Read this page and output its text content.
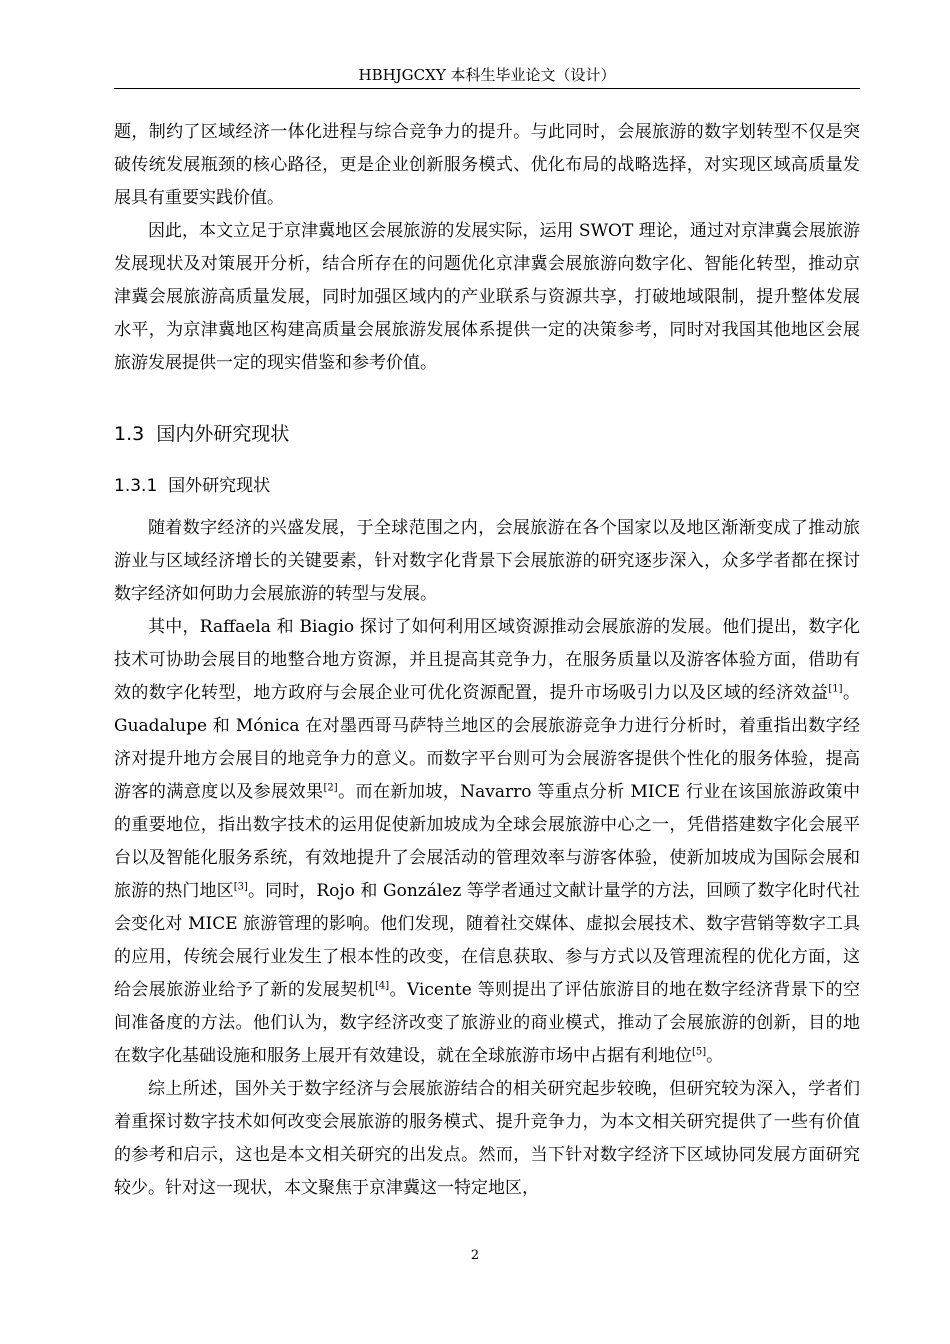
HBHJGCXY 本科生毕业论文（设计）

题，制约了区域经济一体化进程与综合竞争力的提升。与此同时，会展旅游的数字划转型不仅是突破传统发展瓶颈的核心路径，更是企业创新服务模式、优化布局的战略选择，对实现区域高质量发展具有重要实践价值。

因此，本文立足于京津冀地区会展旅游的发展实际，运用 SWOT 理论，通过对京津冀会展旅游发展现状及对策展开分析，结合所存在的问题优化京津冀会展旅游向数字化、智能化转型，推动京津冀会展旅游高质量发展，同时加强区域内的产业联系与资源共享，打破地域限制，提升整体发展水平，为京津冀地区构建高质量会展旅游发展体系提供一定的决策参考，同时对我国其他地区会展旅游发展提供一定的现实借鉴和参考价值。

1.3 国内外研究现状
1.3.1 国外研究现状

随着数字经济的兴盛发展，于全球范围之内，会展旅游在各个国家以及地区渐渐变成了推动旅游业与区域经济增长的关键要素，针对数字化背景下会展旅游的研究逐步深入，众多学者都在探讨数字经济如何助力会展旅游的转型与发展。

其中，Raffaela 和 Biagio 探讨了如何利用区域资源推动会展旅游的发展。他们提出，数字化技术可协助会展目的地整合地方资源，并且提高其竞争力，在服务质量以及游客体验方面，借助有效的数字化转型，地方政府与会展企业可优化资源配置，提升市场吸引力以及区域的经济效益[1]。Guadalupe 和 Mónica 在对墨西哥马萨特兰地区的会展旅游竞争力进行分析时，着重指出数字经济对提升地方会展目的地竞争力的意义。而数字平台则可为会展游客提供个性化的服务体验，提高游客的满意度以及参展效果[2]。而在新加坡，Navarro 等重点分析 MICE 行业在该国旅游政策中的重要地位，指出数字技术的运用促使新加坡成为全球会展旅游中心之一，凭借搭建数字化会展平台以及智能化服务系统，有效地提升了会展活动的管理效率与游客体验，使新加坡成为国际会展和旅游的热门地区[3]。同时，Rojo 和 González 等学者通过文献计量学的方法，回顾了数字化时代社会变化对 MICE 旅游管理的影响。他们发现，随着社交媒体、虚拟会展技术、数字营销等数字工具的应用，传统会展行业发生了根本性的改变，在信息获取、参与方式以及管理流程的优化方面，这给会展旅游业给予了新的发展契机[4]。Vicente 等则提出了评估旅游目的地在数字经济背景下的空间准备度的方法。他们认为，数字经济改变了旅游业的商业模式，推动了会展旅游的创新，目的地在数字化基础设施和服务上展开有效建设，就在全球旅游市场中占据有利地位[5]。

综上所述，国外关于数字经济与会展旅游结合的相关研究起步较晚，但研究较为深入，学者们着重探讨数字技术如何改变会展旅游的服务模式、提升竞争力，为本文相关研究提供了一些有价值的参考和启示，这也是本文相关研究的出发点。然而，当下针对数字经济下区域协同发展方面研究较少。针对这一现状，本文聚焦于京津冀这一特定地区，

2
